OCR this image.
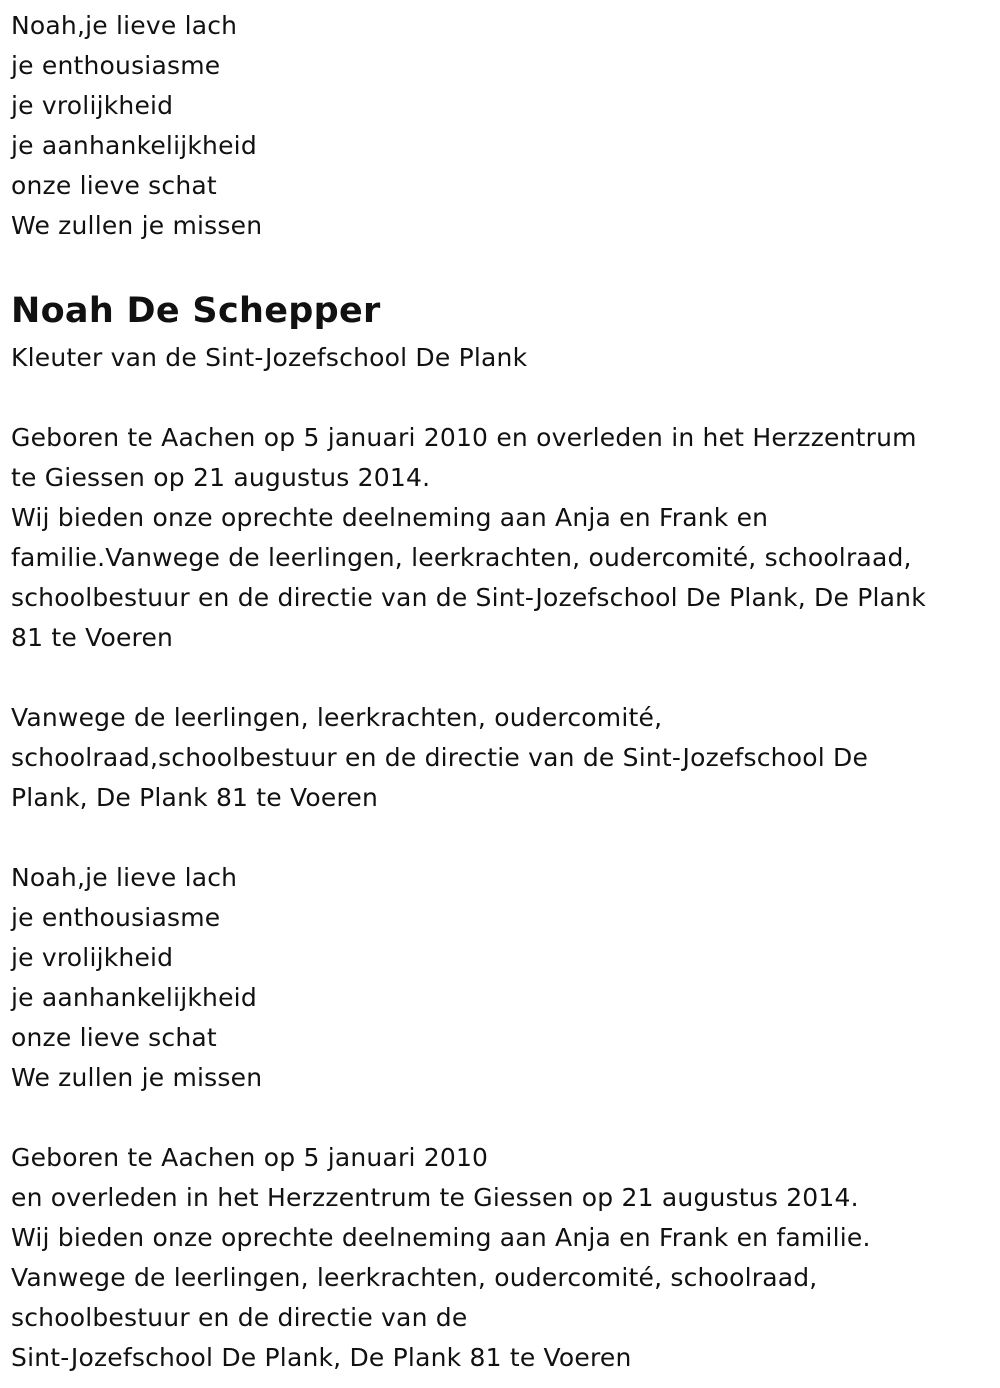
Noah,je lieve lach
je enthousiasme
je vrolijkheid
je aanhankelijkheid
onze lieve schat
We zullen je missen
Noah De Schepper
Kleuter van de Sint-Jozefschool De Plank
Geboren te Aachen op 5 januari 2010 en overleden in het Herzzentrum
te Giessen op 21 augustus 2014.
Wij bieden onze oprechte deelneming aan Anja en Frank en
familie.Vanwege de leerlingen, leerkrachten, oudercomité, schoolraad,
schoolbestuur en de directie van de Sint-Jozefschool De Plank, De Plank
81 te Voeren
Vanwege de leerlingen, leerkrachten, oudercomité,
schoolraad,schoolbestuur en de directie van de Sint-Jozefschool De
Plank, De Plank 81 te Voeren
Noah,je lieve lach
je enthousiasme
je vrolijkheid
je aanhankelijkheid
onze lieve schat
We zullen je missen
Geboren te Aachen op 5 januari 2010
en overleden in het Herzzentrum te Giessen op 21 augustus 2014.
Wij bieden onze oprechte deelneming aan Anja en Frank en familie.
Vanwege de leerlingen, leerkrachten, oudercomité, schoolraad,
schoolbestuur en de directie van de
Sint-Jozefschool De Plank, De Plank 81 te Voeren
